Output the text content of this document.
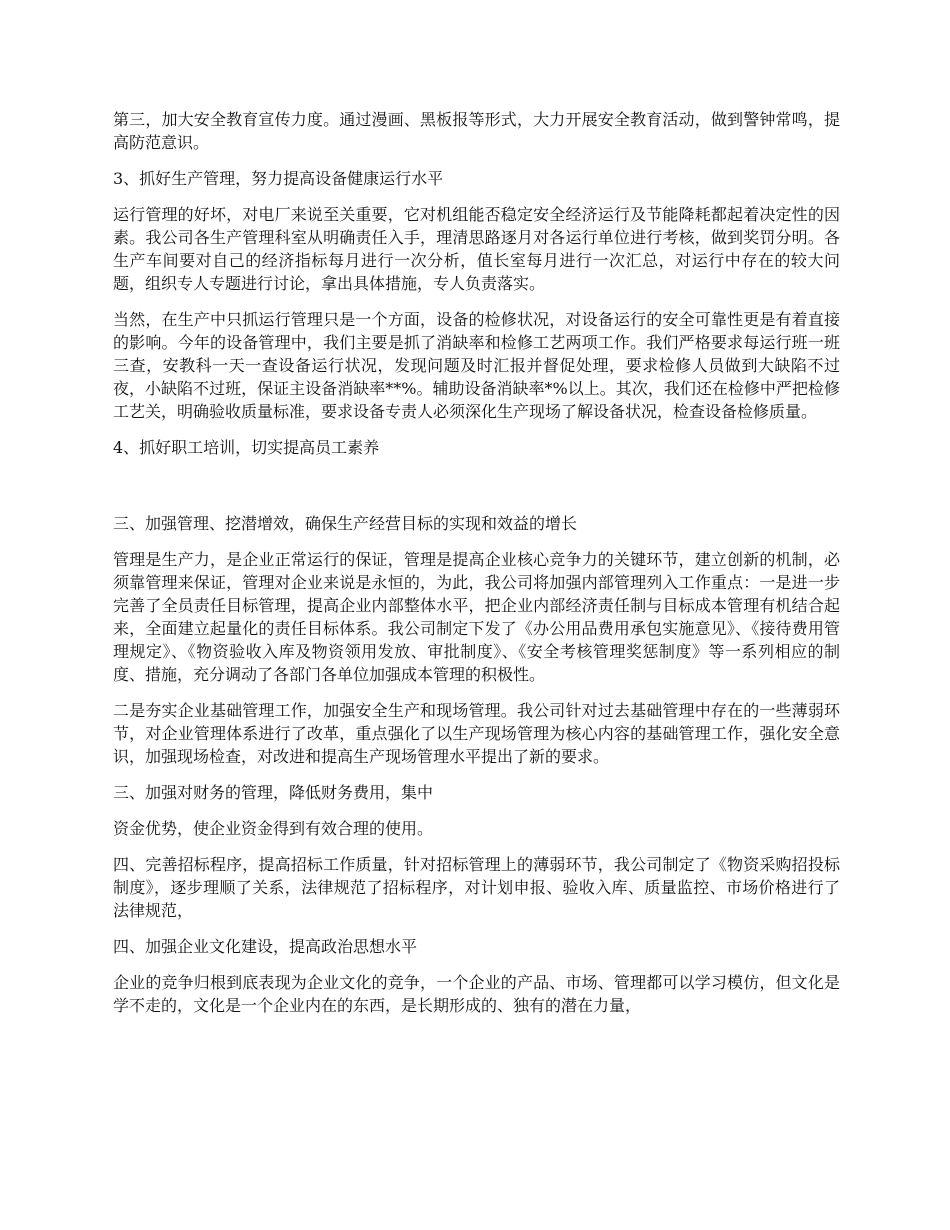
第三，加大安全教育宣传力度。通过漫画、黑板报等形式，大力开展安全教育活动，做到警钟常鸣，提高防范意识。

3、抓好生产管理，努力提高设备健康运行水平

运行管理的好坏，对电厂来说至关重要，它对机组能否稳定安全经济运行及节能降耗都起着决定性的因素。我公司各生产管理科室从明确责任入手，理清思路逐月对各运行单位进行考核，做到奖罚分明。各生产车间要对自己的经济指标每月进行一次分析，值长室每月进行一次汇总，对运行中存在的较大问题，组织专人专题进行讨论，拿出具体措施，专人负责落实。

当然，在生产中只抓运行管理只是一个方面，设备的检修状况，对设备运行的安全可靠性更是有着直接的影响。今年的设备管理中，我们主要是抓了消缺率和检修工艺两项工作。我们严格要求每运行班一班三查，安教科一天一查设备运行状况，发现问题及时汇报并督促处理，要求检修人员做到大缺陷不过夜，小缺陷不过班，保证主设备消缺率**%。辅助设备消缺率*%以上。其次，我们还在检修中严把检修工艺关，明确验收质量标准，要求设备专责人必须深化生产现场了解设备状况，检查设备检修质量。

4、抓好职工培训，切实提高员工素养

三、加强管理、挖潜增效，确保生产经营目标的实现和效益的增长

管理是生产力，是企业正常运行的保证，管理是提高企业核心竞争力的关键环节，建立创新的机制，必须靠管理来保证，管理对企业来说是永恒的，为此，我公司将加强内部管理列入工作重点：一是进一步完善了全员责任目标管理，提高企业内部整体水平，把企业内部经济责任制与目标成本管理有机结合起来，全面建立起量化的责任目标体系。我公司制定下发了《办公用品费用承包实施意见》、《接待费用管理规定》、《物资验收入库及物资领用发放、审批制度》、《安全考核管理奖惩制度》等一系列相应的制度、措施，充分调动了各部门各单位加强成本管理的积极性。

二是夯实企业基础管理工作，加强安全生产和现场管理。我公司针对过去基础管理中存在的一些薄弱环节，对企业管理体系进行了改革，重点强化了以生产现场管理为核心内容的基础管理工作，强化安全意识，加强现场检查，对改进和提高生产现场管理水平提出了新的要求。

三、加强对财务的管理，降低财务费用，集中

资金优势，使企业资金得到有效合理的使用。

四、完善招标程序，提高招标工作质量，针对招标管理上的薄弱环节，我公司制定了《物资采购招投标制度》，逐步理顺了关系，法律规范了招标程序，对计划申报、验收入库、质量监控、市场价格进行了法律规范，

四、加强企业文化建设，提高政治思想水平

企业的竞争归根到底表现为企业文化的竞争，一个企业的产品、市场、管理都可以学习模仿，但文化是学不走的，文化是一个企业内在的东西，是长期形成的、独有的潜在力量，
